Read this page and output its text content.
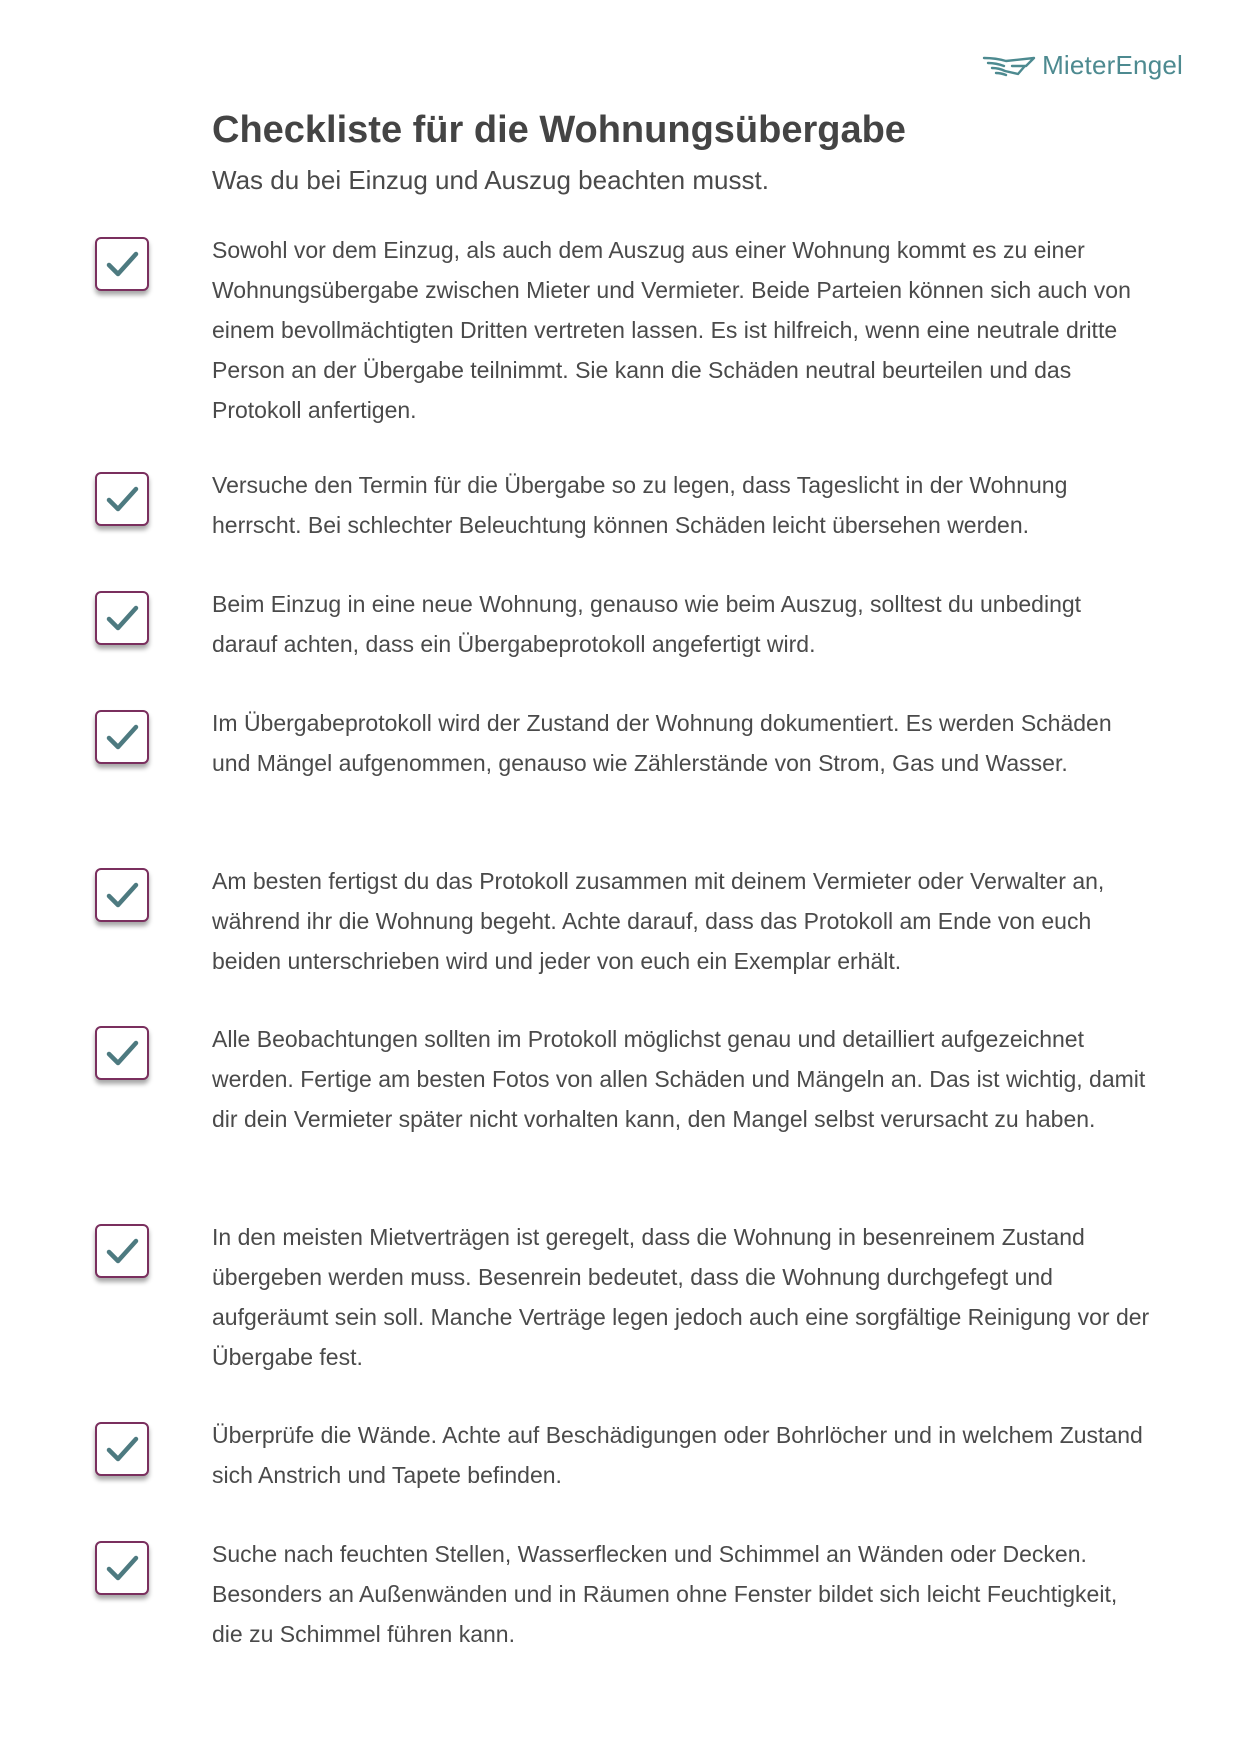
MieterEngel
Checkliste für die Wohnungsübergabe

Was du bei Einzug und Auszug beachten musst.

Sowohl vor dem Einzug, als auch dem Auszug aus einer Wohnung kommt es zu einer Wohnungsübergabe zwischen Mieter und Vermieter. Beide Parteien können sich auch von einem bevollmächtigten Dritten vertreten lassen. Es ist hilfreich, wenn eine neutrale dritte Person an der Übergabe teilnimmt. Sie kann die Schäden neutral beurteilen und das Protokoll anfertigen.

Versuche den Termin für die Übergabe so zu legen, dass Tageslicht in der Wohnung herrscht. Bei schlechter Beleuchtung können Schäden leicht übersehen werden.

Beim Einzug in eine neue Wohnung, genauso wie beim Auszug, solltest du unbedingt darauf achten, dass ein Übergabeprotokoll angefertigt wird.

Im Übergabeprotokoll wird der Zustand der Wohnung dokumentiert. Es werden Schäden und Mängel aufgenommen, genauso wie Zählerstände von Strom, Gas und Wasser.

Am besten fertigst du das Protokoll zusammen mit deinem Vermieter oder Verwalter an, während ihr die Wohnung begeht. Achte darauf, dass das Protokoll am Ende von euch beiden unterschrieben wird und jeder von euch ein Exemplar erhält.

Alle Beobachtungen sollten im Protokoll möglichst genau und detailliert aufgezeichnet werden. Fertige am besten Fotos von allen Schäden und Mängeln an. Das ist wichtig, damit dir dein Vermieter später nicht vorhalten kann, den Mangel selbst verursacht zu haben.

In den meisten Mietverträgen ist geregelt, dass die Wohnung in besenreinem Zustand übergeben werden muss. Besenrein bedeutet, dass die Wohnung durchgefegt und aufgeräumt sein soll. Manche Verträge legen jedoch auch eine sorgfältige Reinigung vor der Übergabe fest.

Überprüfe die Wände. Achte auf Beschädigungen oder Bohrlöcher und in welchem Zustand sich Anstrich und Tapete befinden.

Suche nach feuchten Stellen, Wasserflecken und Schimmel an Wänden oder Decken. Besonders an Außenwänden und in Räumen ohne Fenster bildet sich leicht Feuchtigkeit, die zu Schimmel führen kann.
